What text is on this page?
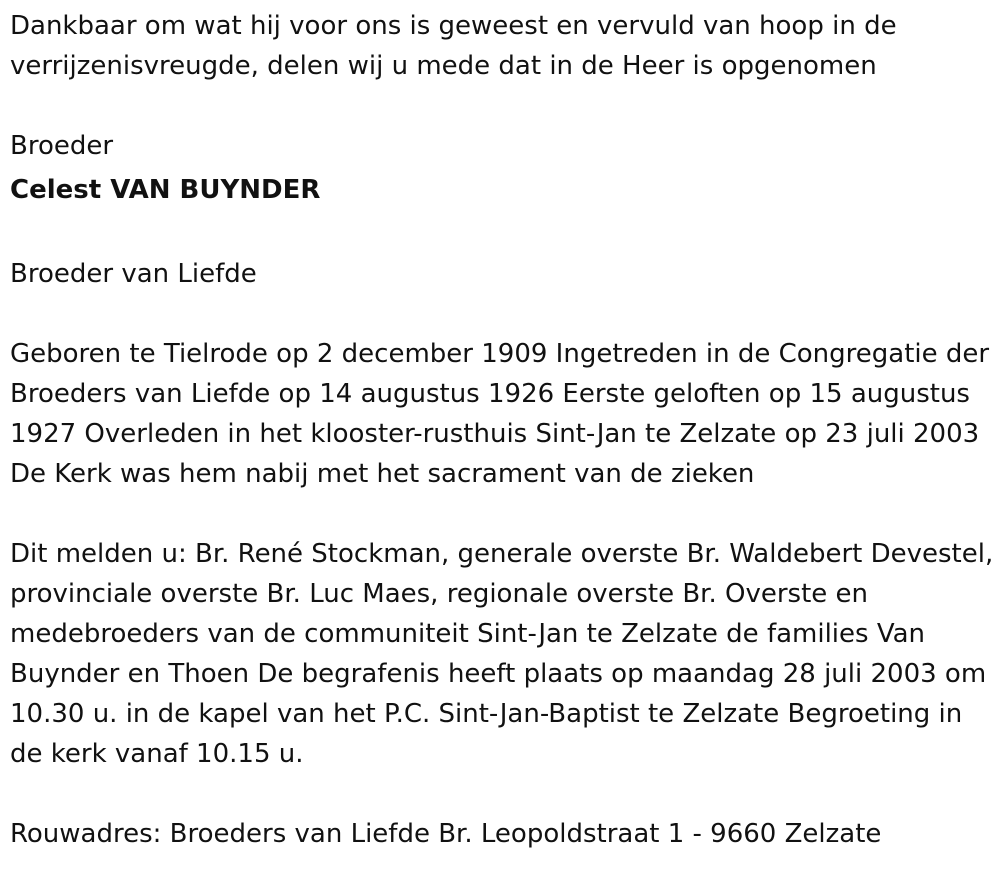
Dankbaar om wat hij voor ons is geweest en vervuld van hoop in de verrijzenisvreugde, delen wij u mede dat in de Heer is opgenomen

Broeder

Celest VAN BUYNDER

Broeder van Liefde

Geboren te Tielrode op 2 december 1909 Ingetreden in de Congregatie der Broeders van Liefde op 14 augustus 1926 Eerste geloften op 15 augustus 1927 Overleden in het klooster-rusthuis Sint-Jan te Zelzate op 23 juli 2003 De Kerk was hem nabij met het sacrament van de zieken

Dit melden u: Br. René Stockman, generale overste Br. Waldebert Devestel, provinciale overste Br. Luc Maes, regionale overste Br. Overste en medebroeders van de communiteit Sint-Jan te Zelzate de families Van Buynder en Thoen De begrafenis heeft plaats op maandag 28 juli 2003 om 10.30 u. in de kapel van het P.C. Sint-Jan-Baptist te Zelzate Begroeting in de kerk vanaf 10.15 u.

Rouwadres: Broeders van Liefde Br. Leopoldstraat 1 - 9660 Zelzate
